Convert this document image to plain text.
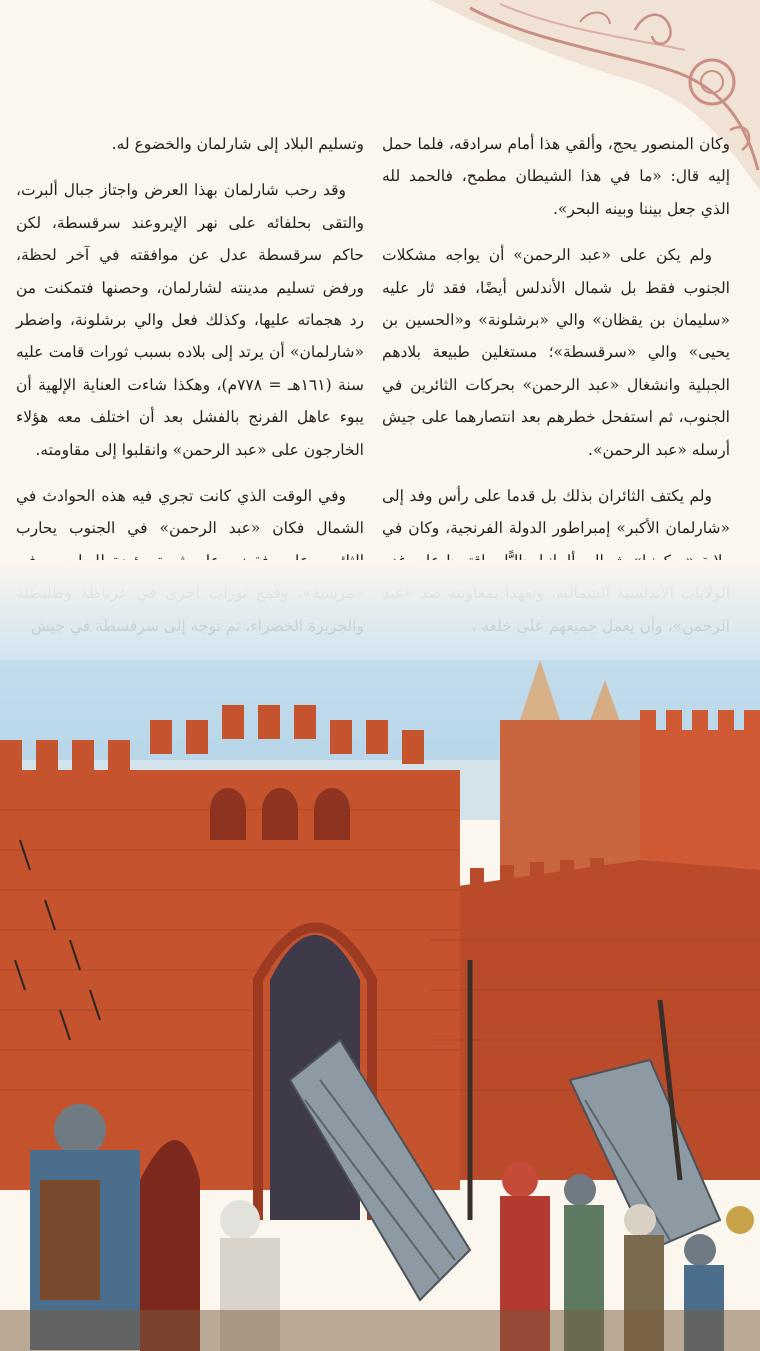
وكان المنصور يحج، وألقي هذا أمام سرادقه، فلما حمل إليه قال: «ما في هذا الشيطان مطمح، فالحمد لله الذي جعل بيننا وبينه البحر».

ولم يكن على «عبد الرحمن» أن يواجه مشكلات الجنوب فقط بل شمال الأندلس أيضًا، فقد ثار عليه «سليمان بن يقظان» والي «برشلونة» و«الحسين بن يحيى» والي «سرقسطة»؛ مستغلين طبيعة بلادهم الجبلية وانشغال «عبد الرحمن» بحركات الثائرين في الجنوب، ثم استفحل خطرهم بعد انتصارهما على جيش أرسله «عبد الرحمن».

ولم يكتف الثائران بذلك بل قدما على رأس وفد إلى «شارلمان الأكبر» إمبراطور الدولة الفرنجية، وكان في

وتسليم البلاد إلى شارلمان والخضوع له.

وقد رحب شارلمان بهذا العرض واجتاز جبال ألبرت، والتقى بحلفائه على نهر الإيروعند سرقسطة، لكن حاكم سرقسطة عدل عن موافقته في آخر لحظة، ورفض تسليم مدينته لشارلمان، وحصنها فتمكنت من رد هجماته عليها، وكذلك فعل والي برشلونة، واضطر «شارلمان» أن يرتد إلى بلاده بسبب ثورات قامت عليه سنة (١٦١هـ = ٧٧٨م)، وهكذا شاءت العناية الإلهية أن يبوء عاهل الفرنج بالفشل بعد أن اختلف معه هؤلاء الخارجون على «عبد الرحمن» وانقلبوا إلى مقاومته.

وفي الوقت الذي كانت تجري فيه هذه الحوادث في الشمال فكان «عبد الرحمن» في الجنوب يحارب
